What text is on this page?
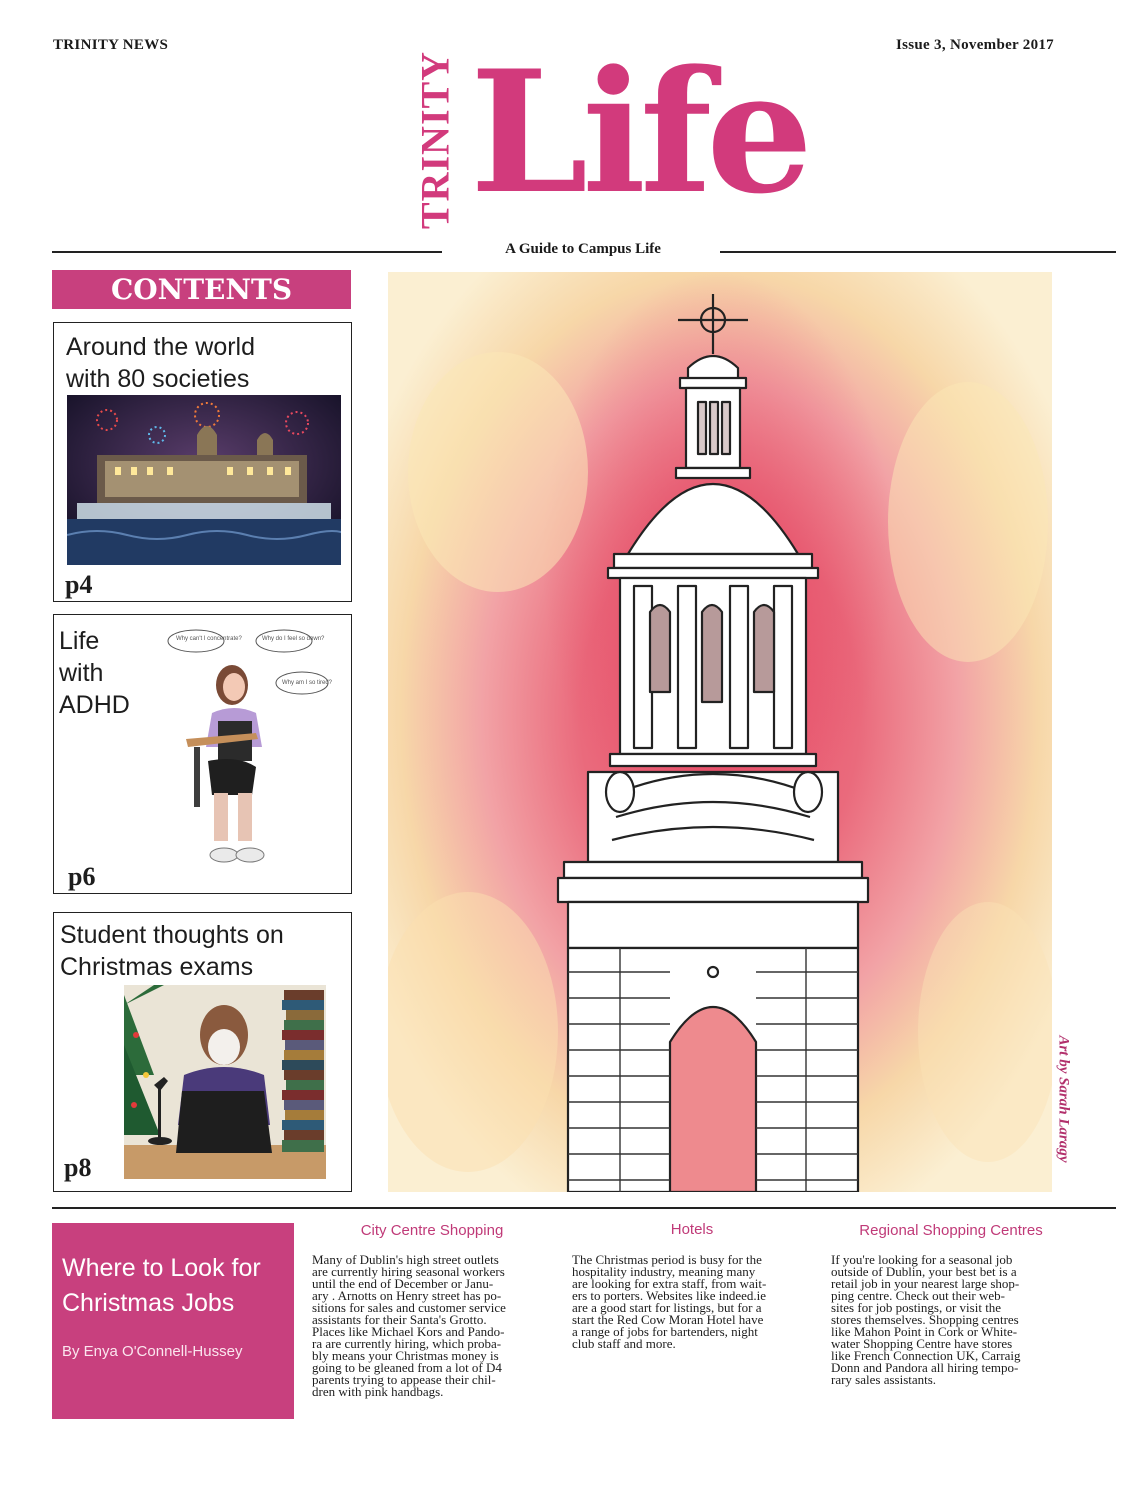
TRINITY NEWS	Issue 3, November 2017
TRINITY Life
A Guide to Campus Life
CONTENTS
Around the world
with 80 societies
p4
Life
with
ADHD
Why can't I concentrate?	Why do I feel so down?
Why am I so tired?
p6
Student thoughts on
Christmas exams
p8
Art by Sarah Laragy
Where to Look for Christmas Jobs
By Enya O'Connell-Hussey
City Centre Shopping
Many of Dublin's high street outlets
are currently hiring seasonal workers
until the end of December or Janu-
ary . Arnotts on Henry street has po-
sitions for sales and customer service
assistants for their Santa's Grotto.
Places like Michael Kors and Pando-
ra are currently hiring, which proba-
bly means your Christmas money is
going to be gleaned from a lot of D4
parents trying to appease their chil-
dren with pink handbags.
Hotels
The Christmas period is busy for the
hospitality industry, meaning many
are looking for extra staff, from wait-
ers to porters. Websites like indeed.ie
are a good start for listings, but for a
start the Red Cow Moran Hotel have
a range of jobs for bartenders, night
club staff and more.
Regional Shopping Centres
If you're looking for a seasonal job
outside of Dublin, your best bet is a
retail job in your nearest large shop-
ping centre. Check out their web-
sites for job postings, or visit the
stores themselves. Shopping centres
like Mahon Point in Cork or White-
water Shopping Centre have stores
like French Connection UK, Carraig
Donn and Pandora all hiring tempo-
rary sales assistants.
